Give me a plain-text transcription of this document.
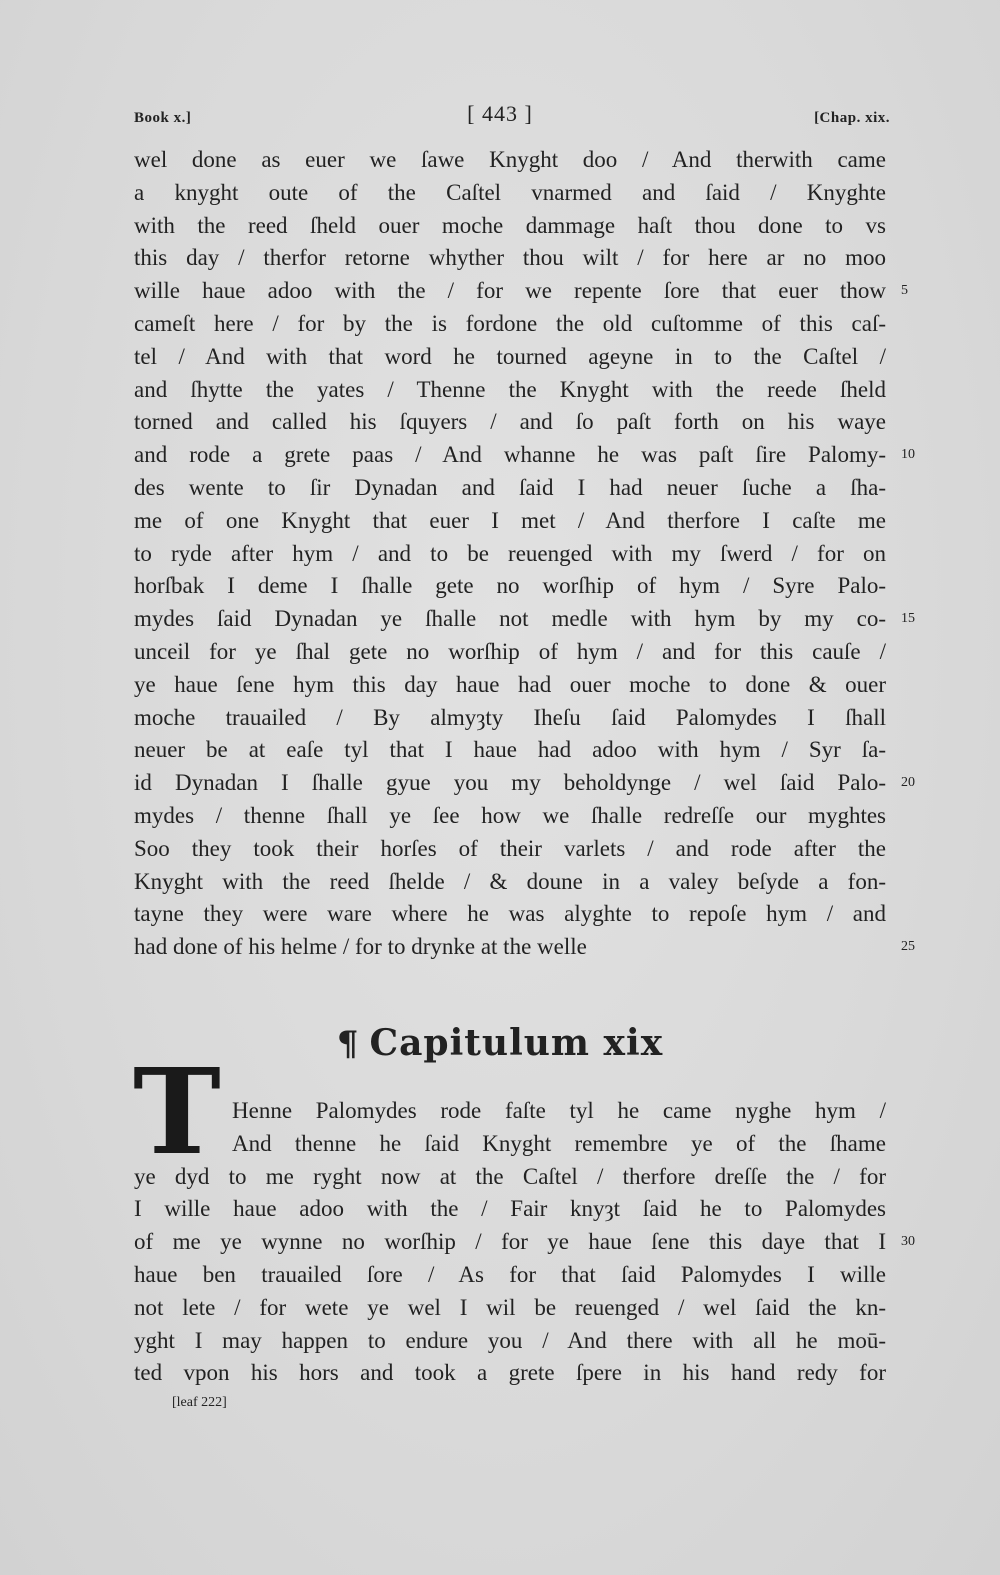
Book x.]	[ 443 ]	[Chap. xix.
wel done as euer we ſawe Knyght doo / And therwith came
a knyght oute of the Caſtel vnarmed and ſaid / Knyghte
with the reed ſheld ouer moche dammage haſt thou done to vs
this day / therfor retorne whyther thou wilt / for here ar no moo
wille haue adoo with the / for we repente ſore that euer thow 5
cameſt here / for by the is fordone the old cuſtomme of this caſ-
tel / And with that word he tourned ageyne in to the Caſtel /
and ſhytte the yates / Thenne the Knyght with the reede ſheld
torned and called his ſquyers / and ſo paſt forth on his waye
and rode a grete paas / And whanne he was paſt ſire Palomy- 10
des wente to ſir Dynadan and ſaid I had neuer ſuche a ſha-
me of one Knyght that euer I met / And therfore I caſte me
to ryde after hym / and to be reuenged with my ſwerd / for on
horſbak I deme I ſhalle gete no worſhip of hym / Syre Palo-
mydes ſaid Dynadan ye ſhalle not medle with hym by my co- 15
unceil for ye ſhal gete no worſhip of hym / and for this cauſe /
ye haue ſene hym this day haue had ouer moche to done & ouer
moche trauailed / By almyȝty Iheſu ſaid Palomydes I ſhall
neuer be at eaſe tyl that I haue had adoo with hym / Syr ſa-
id Dynadan I ſhalle gyue you my beholdynge / wel ſaid Palo- 20
mydes / thenne ſhall ye ſee how we ſhalle redreſſe our myghtes
Soo they took their horſes of their varlets / and rode after the
Knyght with the reed ſhelde / & doune in a valey beſyde a fon-
tayne they were ware where he was alyghte to repoſe hym / and
had done of his helme / for to drynke at the welle	25
¶ Capitulum xix
T Henne Palomydes rode faſte tyl he came nyghe hym /
And thenne he ſaid Knyght remembre ye of the ſhame
ye dyd to me ryght now at the Caſtel / therfore dreſſe the / for
I wille haue adoo with the / Fair knyȝt ſaid he to Palomydes
of me ye wynne no worſhip / for ye haue ſene this daye that I 30
haue ben trauailed ſore / As for that ſaid Palomydes I wille
not lete / for wete ye wel I wil be reuenged / wel ſaid the kn-
yght I may happen to endure you / And there with all he moū-
ted vpon his hors and took a grete ſpere in his hand redy for
[leaf 222]
